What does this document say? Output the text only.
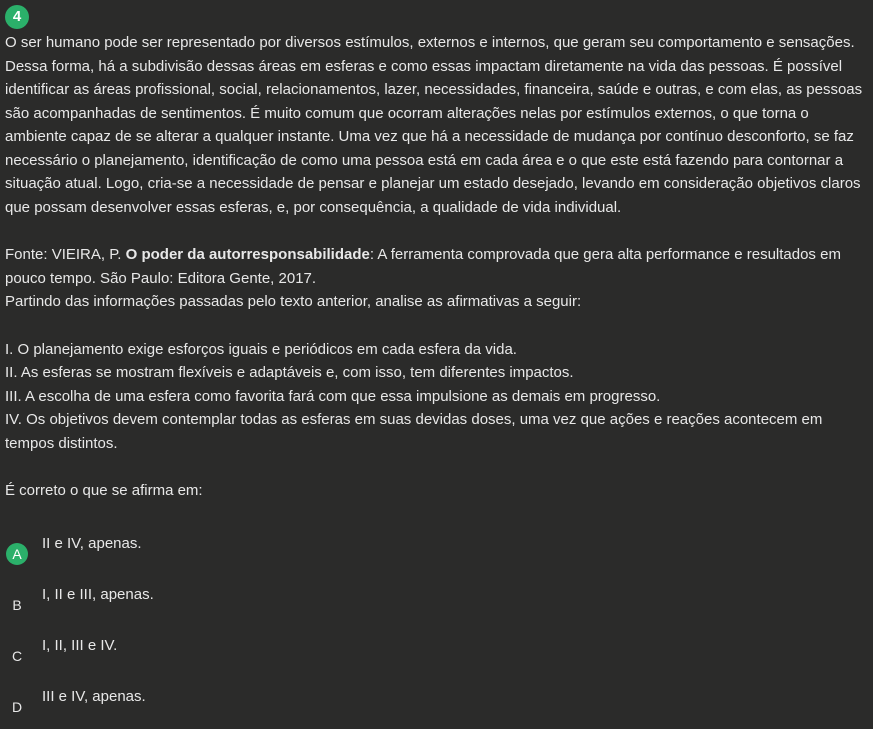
4

O ser humano pode ser representado por diversos estímulos, externos e internos, que geram seu comportamento e sensações. Dessa forma, há a subdivisão dessas áreas em esferas e como essas impactam diretamente na vida das pessoas. É possível identificar as áreas profissional, social, relacionamentos, lazer, necessidades, financeira, saúde e outras, e com elas, as pessoas são acompanhadas de sentimentos. É muito comum que ocorram alterações nelas por estímulos externos, o que torna o ambiente capaz de se alterar a qualquer instante. Uma vez que há a necessidade de mudança por contínuo desconforto, se faz necessário o planejamento, identificação de como uma pessoa está em cada área e o que este está fazendo para contornar a situação atual. Logo, cria-se a necessidade de pensar e planejar um estado desejado, levando em consideração objetivos claros que possam desenvolver essas esferas, e, por consequência, a qualidade de vida individual.

Fonte: VIEIRA, P. O poder da autorresponsabilidade: A ferramenta comprovada que gera alta performance e resultados em pouco tempo. São Paulo: Editora Gente, 2017.

Partindo das informações passadas pelo texto anterior, analise as afirmativas a seguir:

I. O planejamento exige esforços iguais e periódicos em cada esfera da vida.

II. As esferas se mostram flexíveis e adaptáveis e, com isso, tem diferentes impactos.

III. A escolha de uma esfera como favorita fará com que essa impulsione as demais em progresso.

IV. Os objetivos devem contemplar todas as esferas em suas devidas doses, uma vez que ações e reações acontecem em tempos distintos.

É correto o que se afirma em:

A
II e IV, apenas.
B
I, II e III, apenas.
C
I, II, III e IV.
D
III e IV, apenas.
